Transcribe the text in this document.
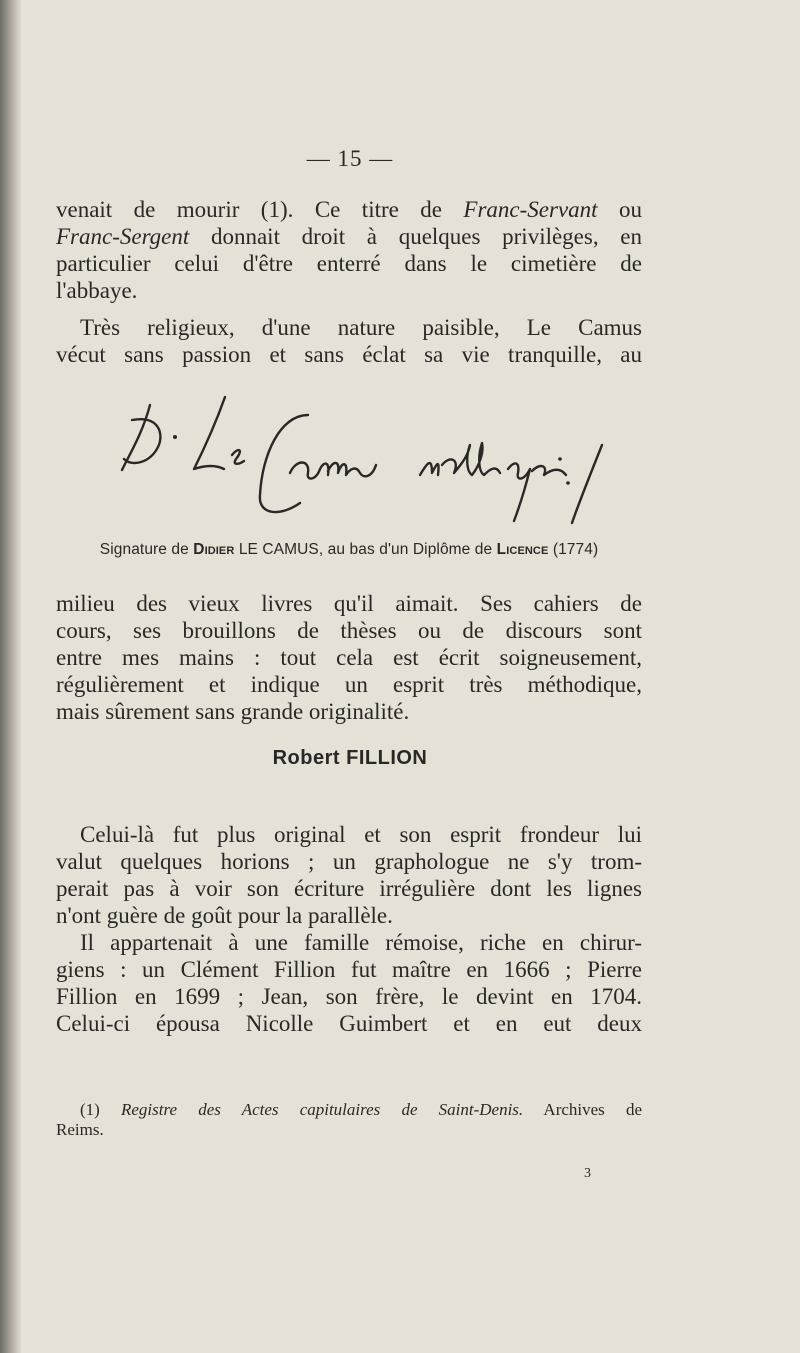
— 15 —

venait de mourir (1). Ce titre de Franc-Servant ou
Franc-Sergent donnait droit à quelques privilèges, en
particulier celui d'être enterré dans le cimetière de
l'abbaye.

Très religieux, d'une nature paisible, Le Camus
vécut sans passion et sans éclat sa vie tranquille, au

Signature de Didier LE CAMUS, au bas d'un Diplôme de Licence (1774)

milieu des vieux livres qu'il aimait. Ses cahiers de
cours, ses brouillons de thèses ou de discours sont
entre mes mains : tout cela est écrit soigneusement,
régulièrement et indique un esprit très méthodique,
mais sûrement sans grande originalité.

Robert FILLION

Celui-là fut plus original et son esprit frondeur lui
valut quelques horions ; un graphologue ne s'y trom-
perait pas à voir son écriture irrégulière dont les lignes
n'ont guère de goût pour la parallèle.

Il appartenait à une famille rémoise, riche en chirur-
giens : un Clément Fillion fut maître en 1666 ; Pierre
Fillion en 1699 ; Jean, son frère, le devint en 1704.
Celui-ci épousa Nicolle Guimbert et en eut deux

(1) Registre des Actes capitulaires de Saint-Denis. Archives de
Reims.
3
